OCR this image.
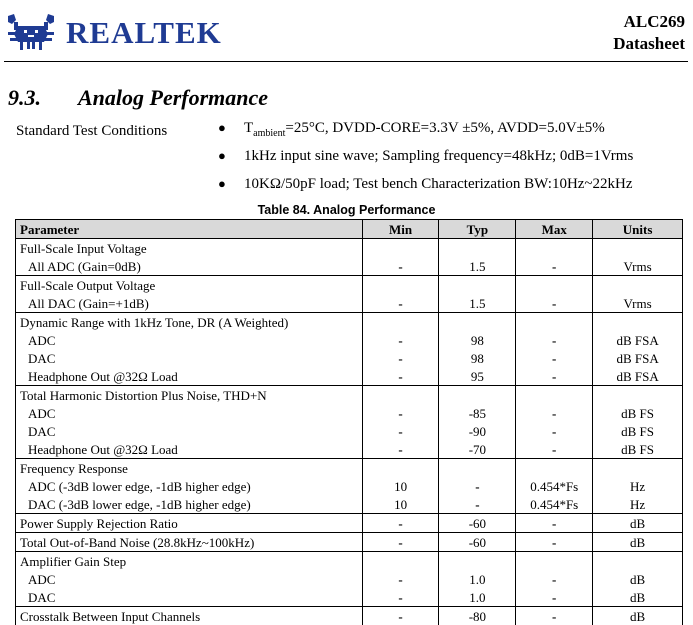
REALTEK	ALC269
Datasheet
9.3. Analog Performance
Standard Test Conditions	● $T_{ambient}=25^\circ C$, DVDD-CORE=3.3V ±5%, AVDD=5.0V±5%
● 1kHz input sine wave; Sampling frequency=48kHz; 0dB=1Vrms
● 10KΩ/50pF load; Test bench Characterization BW:10Hz~22kHz
Table 84. Analog Performance
Parameter	Min	Typ	Max	Units
Full-Scale Input Voltage				
All ADC (Gain=0dB)	-	1.5	-	Vrms
Full-Scale Output Voltage				
All DAC (Gain=+1dB)	-	1.5	-	Vrms
Dynamic Range with 1kHz Tone, DR (A Weighted)				
ADC	-	98	-	dB FSA
DAC	-	98	-	dB FSA
Headphone Out @32Ω Load	-	95	-	dB FSA
Total Harmonic Distortion Plus Noise, THD+N				
ADC	-	-85	-	dB FS
DAC	-	-90	-	dB FS
Headphone Out @32Ω Load	-	-70	-	dB FS
Frequency Response				
ADC (-3dB lower edge, -1dB higher edge)	10	-	0.454*Fs	Hz
DAC (-3dB lower edge, -1dB higher edge)	10	-	0.454*Fs	Hz
Power Supply Rejection Ratio	-	-60	-	dB
Total Out-of-Band Noise (28.8kHz~100kHz)	-	-60	-	dB
Amplifier Gain Step				
ADC	-	1.0	-	dB
DAC	-	1.0	-	dB
Crosstalk Between Input Channels	-	-80	-	dB
